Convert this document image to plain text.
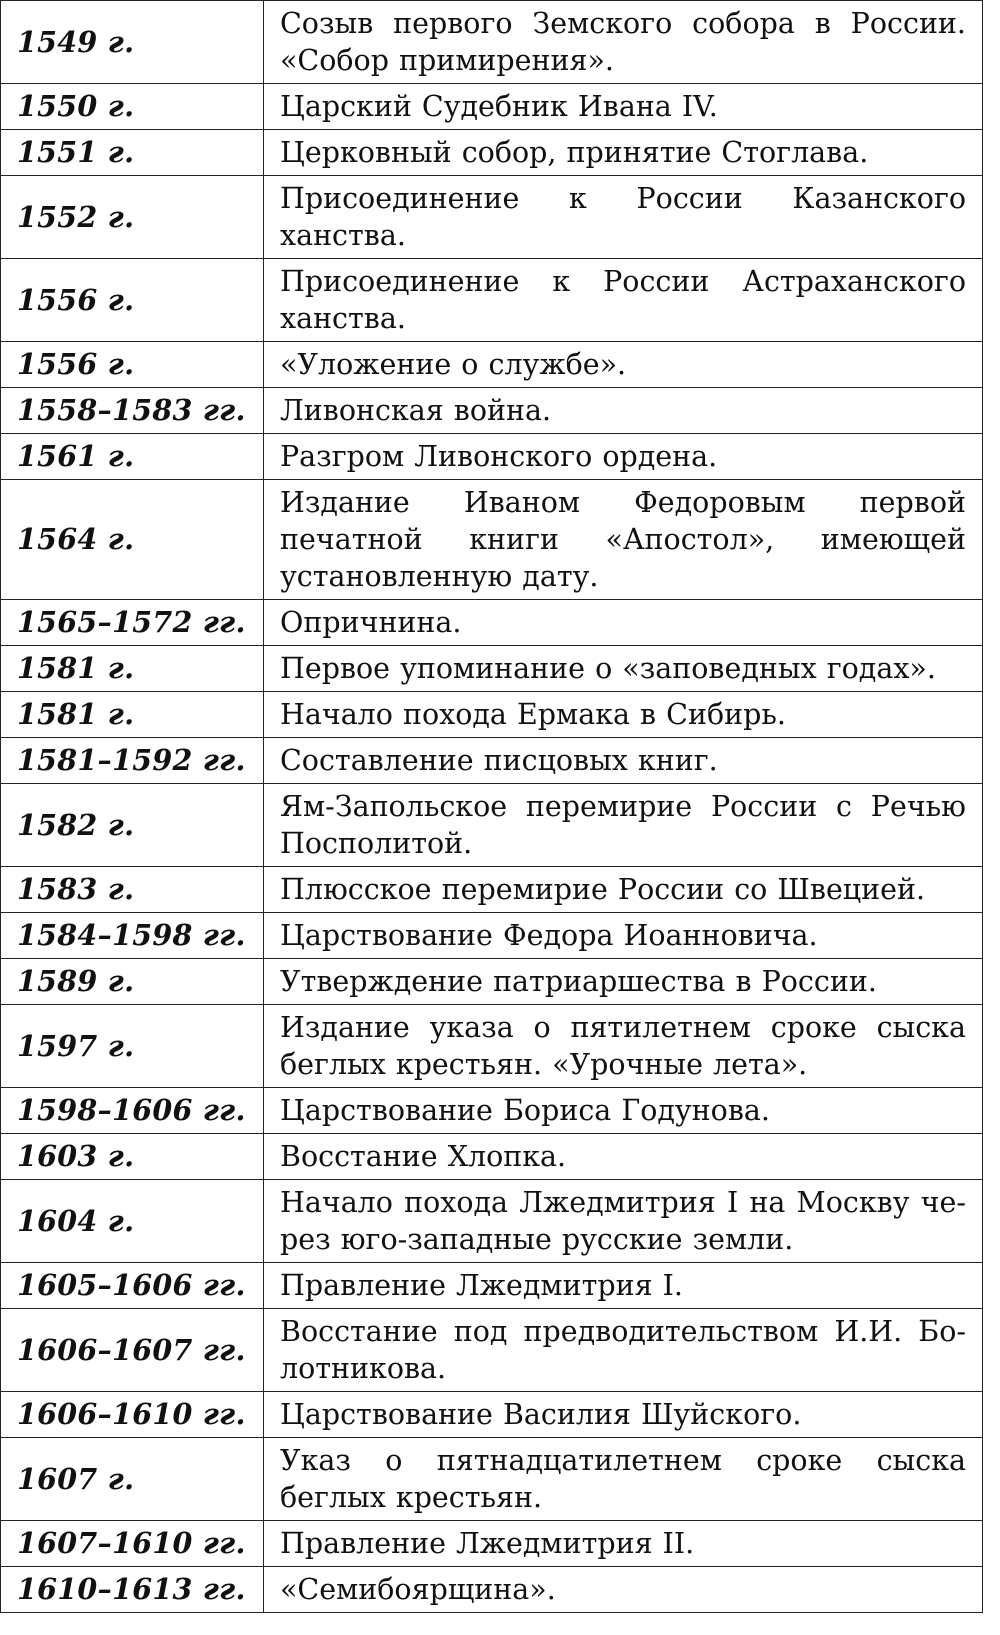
1549 г.	Созыв первого Земского собора в России. «Собор примирения».
1550 г.	Царский Судебник Ивана IV.
1551 г.	Церковный собор, принятие Стоглава.
1552 г.	Присоединение к России Казанского ханства.
1556 г.	Присоединение к России Астраханского ханства.
1556 г.	«Уложение о службе».
1558–1583 гг.	Ливонская война.
1561 г.	Разгром Ливонского ордена.
1564 г.	Издание Иваном Федоровым первой печатной книги «Апостол», имеющей установленную дату.
1565–1572 гг.	Опричнина.
1581 г.	Первое упоминание о «заповедных годах».
1581 г.	Начало похода Ермака в Сибирь.
1581–1592 гг.	Составление писцовых книг.
1582 г.	Ям-Запольское перемирие России с Речью Посполитой.
1583 г.	Плюсское перемирие России со Швецией.
1584–1598 гг.	Царствование Федора Иоанновича.
1589 г.	Утверждение патриаршества в России.
1597 г.	Издание указа о пятилетнем сроке сыска беглых крестьян. «Урочные лета».
1598–1606 гг.	Царствование Бориса Годунова.
1603 г.	Восстание Хлопка.
1604 г.	Начало похода Лжедмитрия I на Москву через юго-западные русские земли.
1605–1606 гг.	Правление Лжедмитрия I.
1606–1607 гг.	Восстание под предводительством И.И. Болотникова.
1606–1610 гг.	Царствование Василия Шуйского.
1607 г.	Указ о пятнадцатилетнем сроке сыска беглых крестьян.
1607–1610 гг.	Правление Лжедмитрия II.
1610–1613 гг.	«Семибоярщина».
